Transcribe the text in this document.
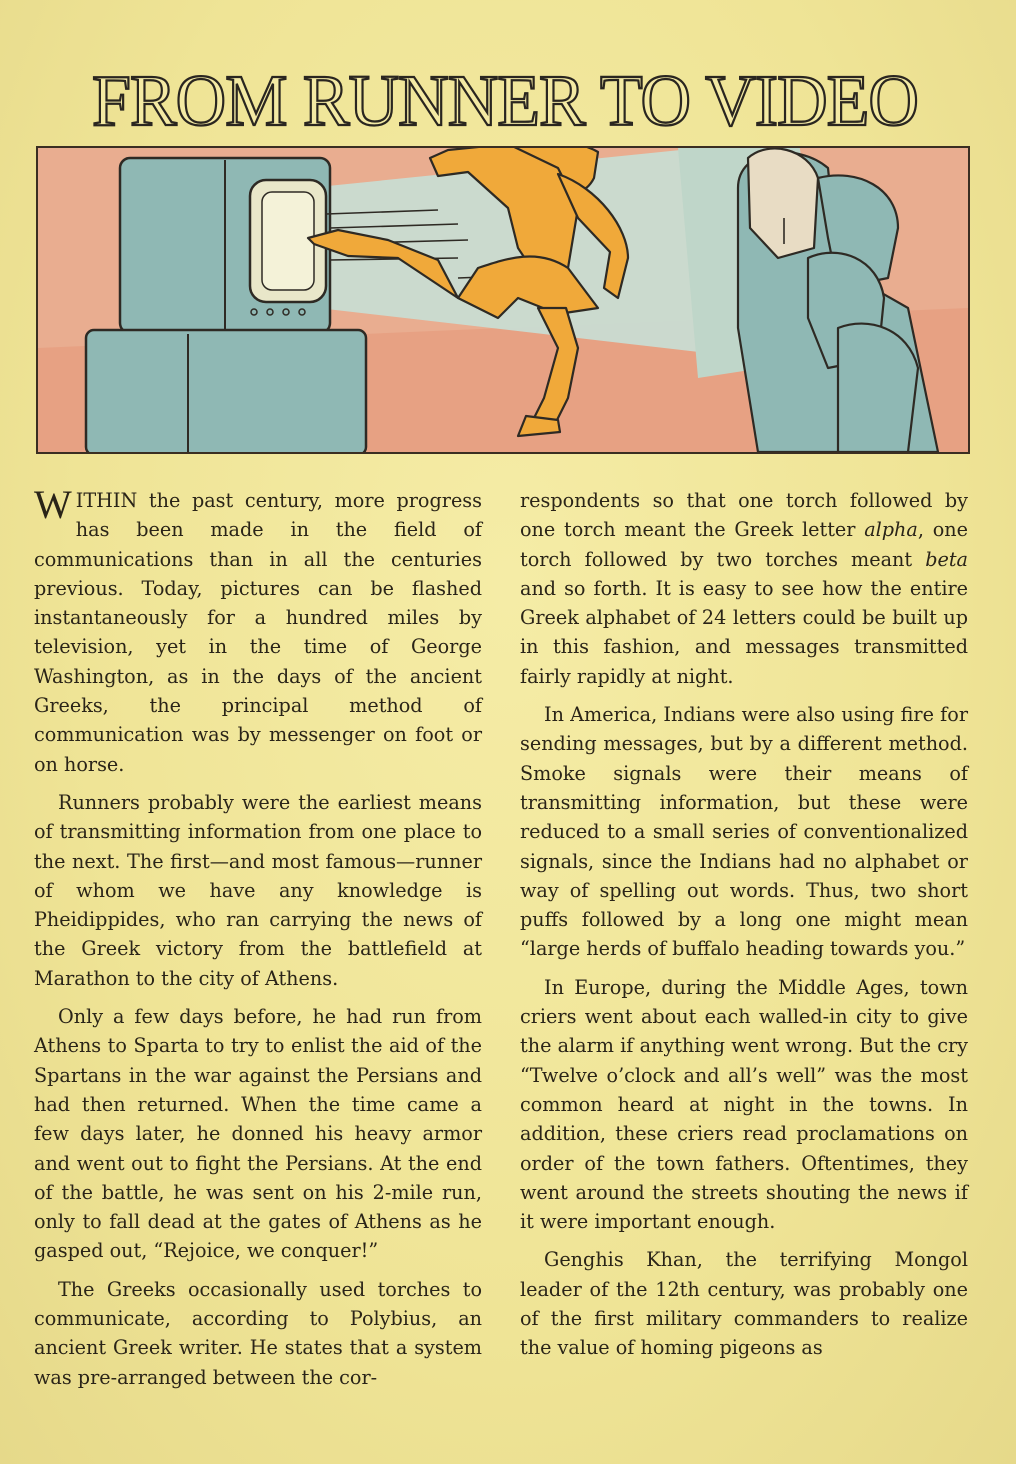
FROM RUNNER TO VIDEO

WITHIN the past century, more progress has been made in the field of communications than in all the centuries previous. Today, pictures can be flashed instantaneously for a hundred miles by television, yet in the time of George Washington, as in the days of the ancient Greeks, the principal method of communication was by messenger on foot or on horse.

Runners probably were the earliest means of transmitting information from one place to the next. The first—and most famous—runner of whom we have any knowledge is Pheidippides, who ran carrying the news of the Greek victory from the battlefield at Marathon to the city of Athens.

Only a few days before, he had run from Athens to Sparta to try to enlist the aid of the Spartans in the war against the Persians and had then returned. When the time came a few days later, he donned his heavy armor and went out to fight the Persians. At the end of the battle, he was sent on his 2-mile run, only to fall dead at the gates of Athens as he gasped out, “Rejoice, we conquer!”

The Greeks occasionally used torches to communicate, according to Polybius, an ancient Greek writer. He states that a system was pre-arranged between the cor-

respondents so that one torch followed by one torch meant the Greek letter alpha, one torch followed by two torches meant beta and so forth. It is easy to see how the entire Greek alphabet of 24 letters could be built up in this fashion, and messages transmitted fairly rapidly at night.

In America, Indians were also using fire for sending messages, but by a different method. Smoke signals were their means of transmitting information, but these were reduced to a small series of conventionalized signals, since the Indians had no alphabet or way of spelling out words. Thus, two short puffs followed by a long one might mean “large herds of buffalo heading towards you.”

In Europe, during the Middle Ages, town criers went about each walled-in city to give the alarm if anything went wrong. But the cry “Twelve o’clock and all’s well” was the most common heard at night in the towns. In addition, these criers read proclamations on order of the town fathers. Oftentimes, they went around the streets shouting the news if it were important enough.

Genghis Khan, the terrifying Mongol leader of the 12th century, was probably one of the first military commanders to realize the value of homing pigeons as
